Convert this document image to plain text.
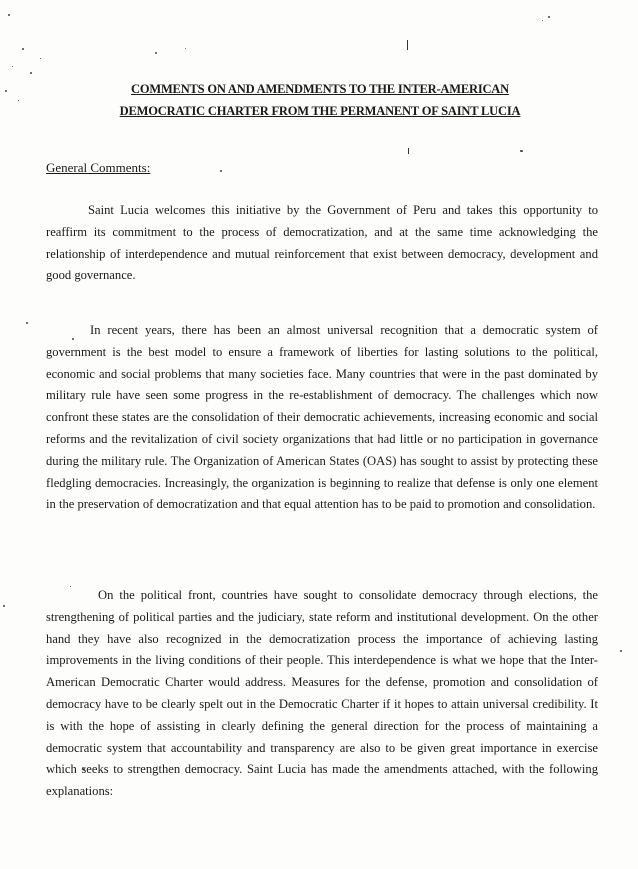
COMMENTS ON AND AMENDMENTS TO THE INTER-AMERICAN
DEMOCRATIC CHARTER FROM THE PERMANENT OF SAINT LUCIA
General Comments:

Saint Lucia welcomes this initiative by the Government of Peru and takes this opportunity to reaffirm its commitment to the process of democratization, and at the same time acknowledging the relationship of interdependence and mutual reinforcement that exist between democracy, development and good governance.

In recent years, there has been an almost universal recognition that a democratic system of government is the best model to ensure a framework of liberties for lasting solutions to the political, economic and social problems that many societies face. Many countries that were in the past dominated by military rule have seen some progress in the re-establishment of democracy. The challenges which now confront these states are the consolidation of their democratic achievements, increasing economic and social reforms and the revitalization of civil society organizations that had little or no participation in governance during the military rule. The Organization of American States (OAS) has sought to assist by protecting these fledgling democracies. Increasingly, the organization is beginning to realize that defense is only one element in the preservation of democratization and that equal attention has to be paid to promotion and consolidation.

On the political front, countries have sought to consolidate democracy through elections, the strengthening of political parties and the judiciary, state reform and institutional development. On the other hand they have also recognized in the democratization process the importance of achieving lasting improvements in the living conditions of their people. This interdependence is what we hope that the Inter-American Democratic Charter would address. Measures for the defense, promotion and consolidation of democracy have to be clearly spelt out in the Democratic Charter if it hopes to attain universal credibility. It is with the hope of assisting in clearly defining the general direction for the process of maintaining a democratic system that accountability and transparency are also to be given great importance in exercise which seeks to strengthen democracy. Saint Lucia has made the amendments attached, with the following explanations:
